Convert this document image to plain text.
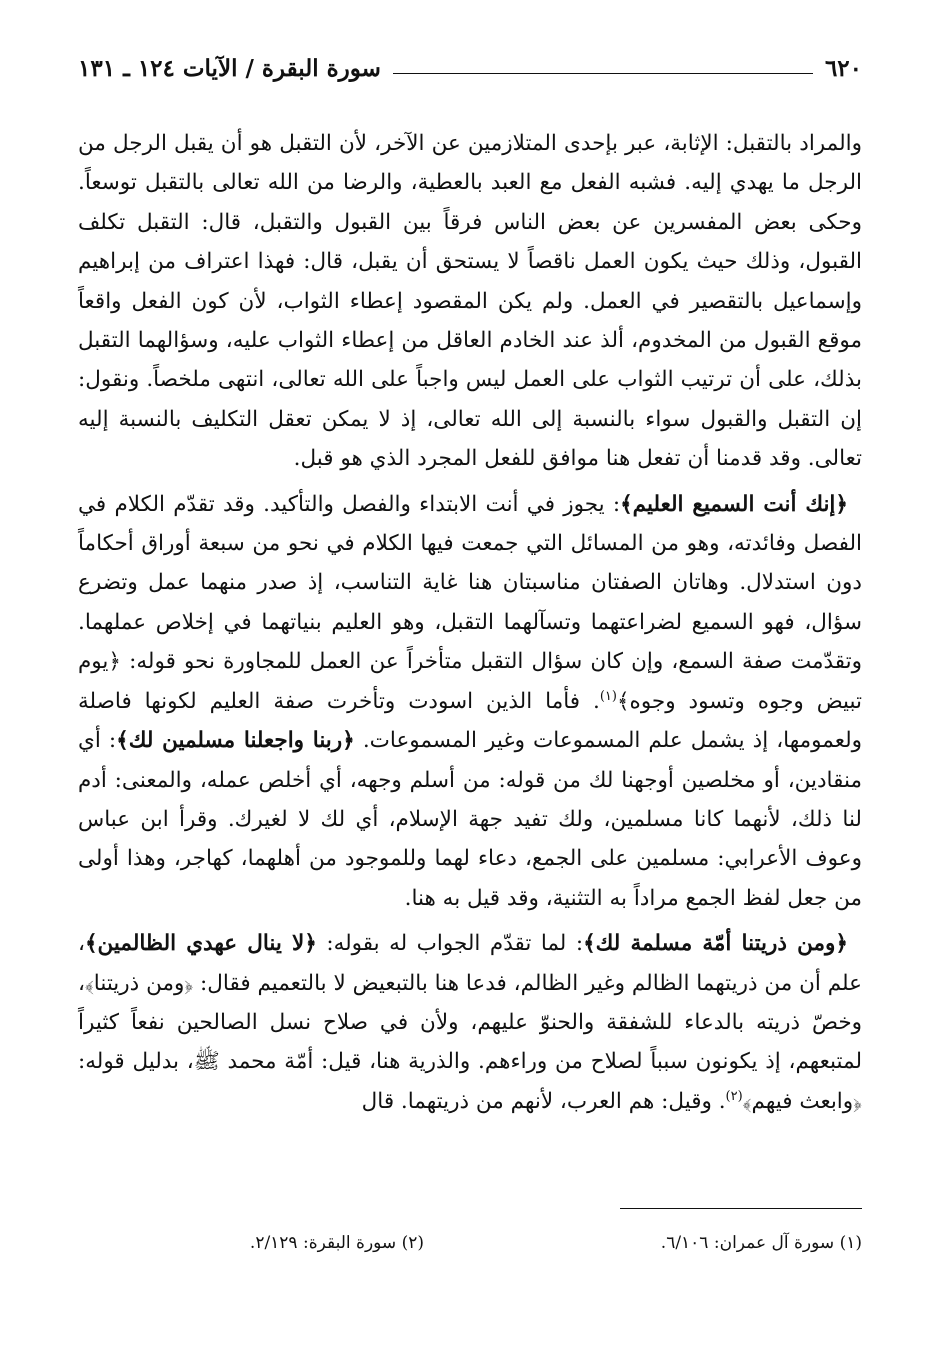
٦٢٠
سورة البقرة / الآيات ١٢٤ ـ ١٣١

والمراد بالتقبل: الإثابة، عبر بإحدى المتلازمين عن الآخر، لأن التقبل هو أن يقبل الرجل من الرجل ما يهدي إليه. فشبه الفعل مع العبد بالعطية، والرضا من الله تعالى بالتقبل توسعاً. وحكى بعض المفسرين عن بعض الناس فرقاً بين القبول والتقبل، قال: التقبل تكلف القبول، وذلك حيث يكون العمل ناقصاً لا يستحق أن يقبل، قال: فهذا اعتراف من إبراهيم وإسماعيل بالتقصير في العمل. ولم يكن المقصود إعطاء الثواب، لأن كون الفعل واقعاً موقع القبول من المخدوم، ألذ عند الخادم العاقل من إعطاء الثواب عليه، وسؤالهما التقبل بذلك، على أن ترتيب الثواب على العمل ليس واجباً على الله تعالى، انتهى ملخصاً. ونقول: إن التقبل والقبول سواء بالنسبة إلى الله تعالى، إذ لا يمكن تعقل التكليف بالنسبة إليه تعالى. وقد قدمنا أن تفعل هنا موافق للفعل المجرد الذي هو قبل.

﴿إنك أنت السميع العليم﴾: يجوز في أنت الابتداء والفصل والتأكيد. وقد تقدّم الكلام في الفصل وفائدته، وهو من المسائل التي جمعت فيها الكلام في نحو من سبعة أوراق أحكاماً دون استدلال. وهاتان الصفتان مناسبتان هنا غاية التناسب، إذ صدر منهما عمل وتضرع سؤال، فهو السميع لضراعتهما وتسآلهما التقبل، وهو العليم بنياتهما في إخلاص عملهما. وتقدّمت صفة السمع، وإن كان سؤال التقبل متأخراً عن العمل للمجاورة نحو قوله: ﴿يوم تبيض وجوه وتسود وجوه﴾$^{(١)}$. فأما الذين اسودت وتأخرت صفة العليم لكونها فاصلة ولعمومها، إذ يشمل علم المسموعات وغير المسموعات. ﴿ربنا واجعلنا مسلمين لك﴾: أي منقادين، أو مخلصين أوجهنا لك من قوله: من أسلم وجهه، أي أخلص عمله، والمعنى: أدم لنا ذلك، لأنهما كانا مسلمين، ولك تفيد جهة الإسلام، أي لك لا لغيرك. وقرأ ابن عباس وعوف الأعرابي: مسلمين على الجمع، دعاء لهما وللموجود من أهلهما، كهاجر، وهذا أولى من جعل لفظ الجمع مراداً به التثنية، وقد قيل به هنا.

﴿ومن ذريتنا أمّة مسلمة لك﴾: لما تقدّم الجواب له بقوله: ﴿لا ينال عهدي الظالمين﴾، علم أن من ذريتهما الظالم وغير الظالم، فدعا هنا بالتبعيض لا بالتعميم فقال: ﴿ومن ذريتنا﴾، وخصّ ذريته بالدعاء للشفقة والحنوّ عليهم، ولأن في صلاح نسل الصالحين نفعاً كثيراً لمتبعهم، إذ يكونون سبباً لصلاح من وراءهم. والذرية هنا، قيل: أمّة محمد ﷺ، بدليل قوله: ﴿وابعث فيهم﴾$^{(٢)}$. وقيل: هم العرب، لأنهم من ذريتهما. قال

(١) سورة آل عمران: ٦/١٠٦.
(٢) سورة البقرة: ٢/١٢٩.
